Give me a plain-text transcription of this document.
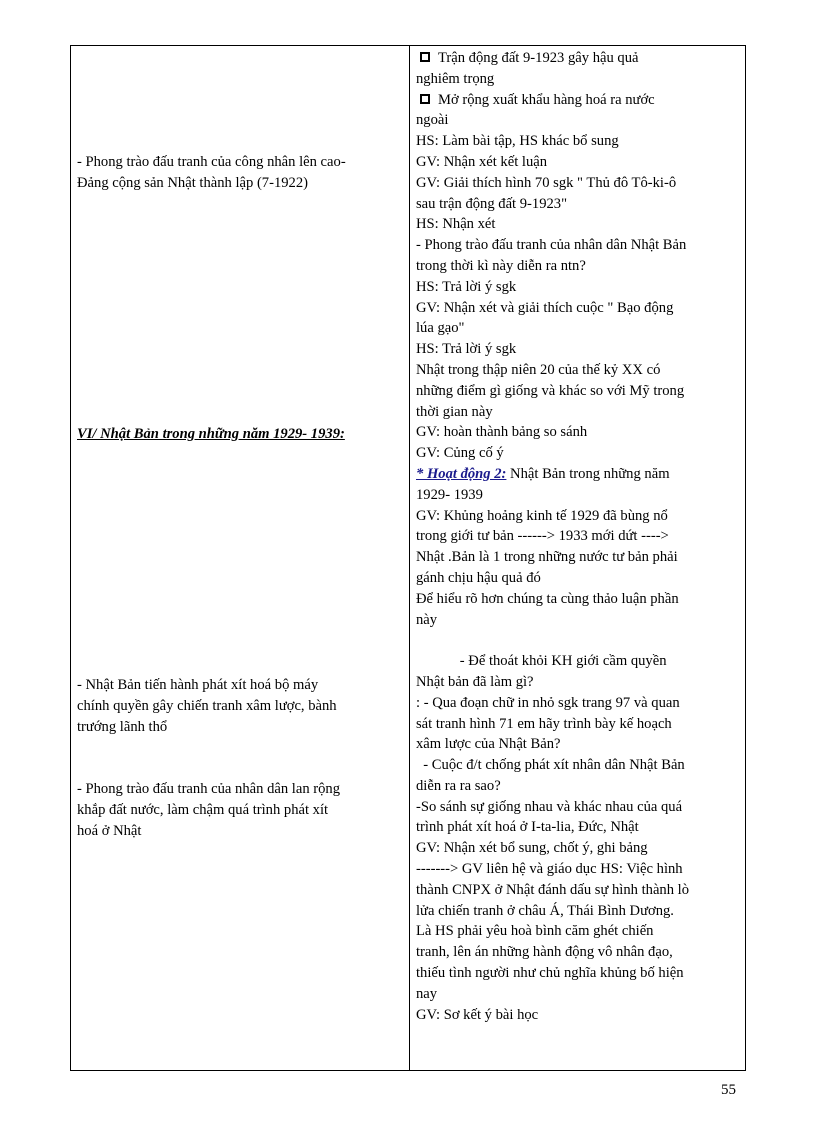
- Phong trào đấu tranh của công nhân lên cao-
Đảng cộng sản Nhật thành lập (7-1922)
VI/ Nhật Bản trong những năm 1929- 1939:
- Nhật Bản tiến hành phát xít hoá bộ máy
chính quyền gây chiến tranh xâm lược, bành
trướng lãnh thổ
- Phong trào đấu tranh của nhân dân lan rộng
khắp đất nước, làm chậm quá trình phát xít
hoá ở Nhật
Trận động đất 9-1923 gây hậu quả
nghiêm trọng
Mở rộng xuất khẩu hàng hoá ra nước
ngoài
HS: Làm bài tập, HS khác bổ sung
GV: Nhận xét kết luận
GV: Giải thích hình 70 sgk " Thủ đô Tô-ki-ô
sau trận động đất 9-1923"
HS: Nhận xét
- Phong trào đấu tranh của nhân dân Nhật Bản
trong thời kì này diễn ra ntn?
HS: Trả lời ý sgk
GV: Nhận xét và giải thích cuộc " Bạo động
lúa gạo"
HS: Trả lời ý sgk
Nhật trong thập niên 20 của thế kỷ XX có
những điểm gì giống và khác so với Mỹ trong
thời gian này
GV: hoàn thành bảng so sánh
GV: Củng cố ý
* Hoạt động 2: Nhật Bản trong những năm
1929- 1939
GV: Khủng hoảng kinh tế 1929 đã bùng nổ
trong giới tư bản ------> 1933 mới dứt ---->
Nhật .Bản là 1 trong những nước tư bản phải
gánh chịu hậu quả đó
Để hiểu rõ hơn chúng ta cùng thảo luận phần
này
- Để thoát khỏi KH giới cầm quyền
Nhật bản đã làm gì?
: - Qua đoạn chữ in nhỏ sgk trang 97 và quan
sát tranh hình 71 em hãy trình bày kế hoạch
xâm lược của Nhật Bản?
- Cuộc đ/t chống phát xít nhân dân Nhật Bản
diễn ra ra sao?
-So sánh sự giống nhau và khác nhau của quá
trình phát xít hoá ở I-ta-lia, Đức, Nhật
GV: Nhận xét bổ sung, chốt ý, ghi bảng
-------> GV liên hệ và giáo dục HS: Việc hình
thành CNPX ở Nhật đánh dấu sự hình thành lò
lửa chiến tranh ở châu Á, Thái Bình Dương.
Là HS phải yêu hoà bình căm ghét chiến
tranh, lên án những hành động vô nhân đạo,
thiếu tình người như chủ nghĩa khủng bố hiện
nay
GV: Sơ kết ý bài học
55
